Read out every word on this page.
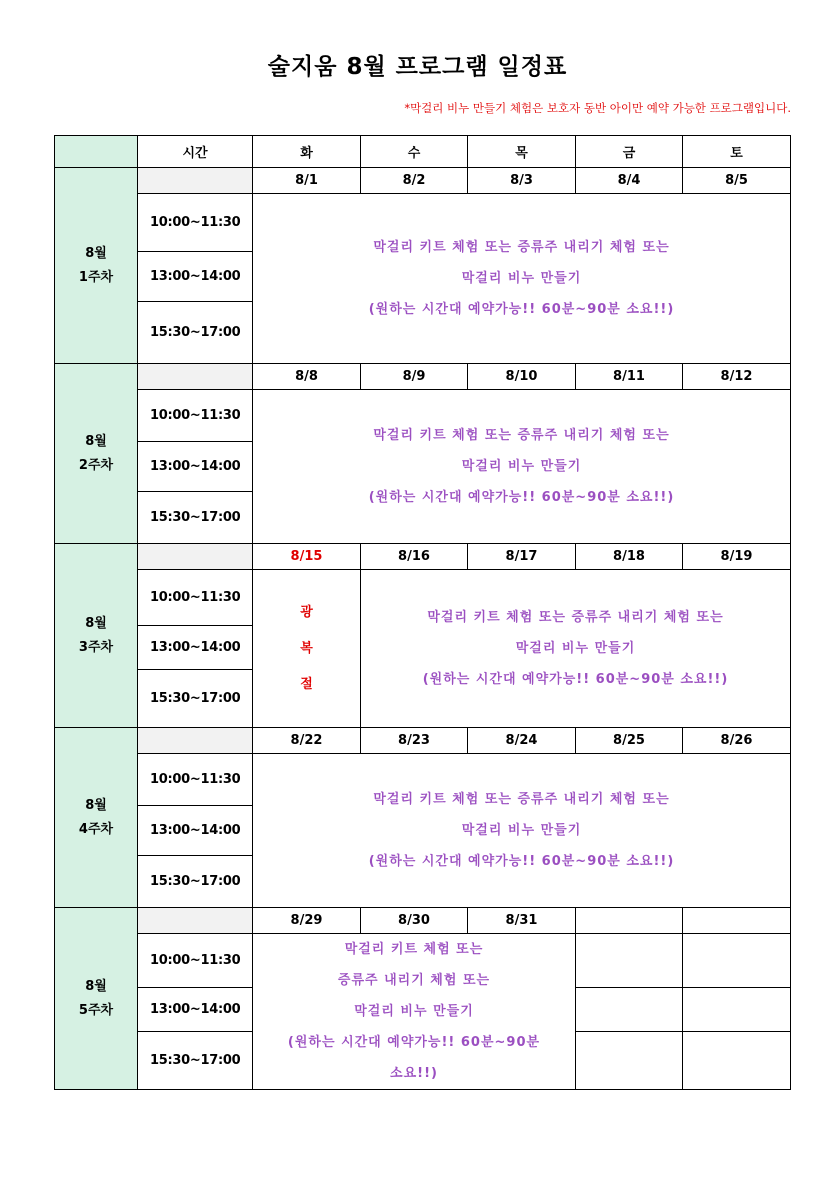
술지움 8월 프로그램 일정표
*막걸리 비누 만들기 체험은 보호자 동반 아이만 예약 가능한 프로그램입니다.
	시간	화	수	목	금	토

8월
1주차		8/1	8/2	8/3	8/4	8/5
	10:00~11:30	막걸리 키트 체험 또는 증류주 내리기 체험 또는
막걸리 비누 만들기
(원하는 시간대 예약가능!! 60분~90분 소요!!)				

	13:00~14:00					
	15:30~17:00					

8월
2주차		8/8	8/9	8/10	8/11	8/12
	10:00~11:30	막걸리 키트 체험 또는 증류주 내리기 체험 또는
막걸리 비누 만들기
(원하는 시간대 예약가능!! 60분~90분 소요!!)				

	13:00~14:00					
	15:30~17:00					

8월
3주차		8/15	8/16	8/17	8/18	8/19
	10:00~11:30	광
복
절	막걸리 키트 체험 또는 증류주 내리기 체험 또는
막걸리 비누 만들기
(원하는 시간대 예약가능!! 60분~90분 소요!!)			

	13:00~14:00					
	15:30~17:00					

8월
4주차		8/22	8/23	8/24	8/25	8/26
	10:00~11:30	막걸리 키트 체험 또는 증류주 내리기 체험 또는
막걸리 비누 만들기
(원하는 시간대 예약가능!! 60분~90분 소요!!)				

	13:00~14:00					
	15:30~17:00					

8월
5주차		8/29	8/30	8/31		
	10:00~11:30	막걸리 키트 체험 또는
증류주 내리기 체험 또는
막걸리 비누 만들기
(원하는 시간대 예약가능!! 60분~90분
소요!!)				

	13:00~14:00					
	15:30~17:00					
